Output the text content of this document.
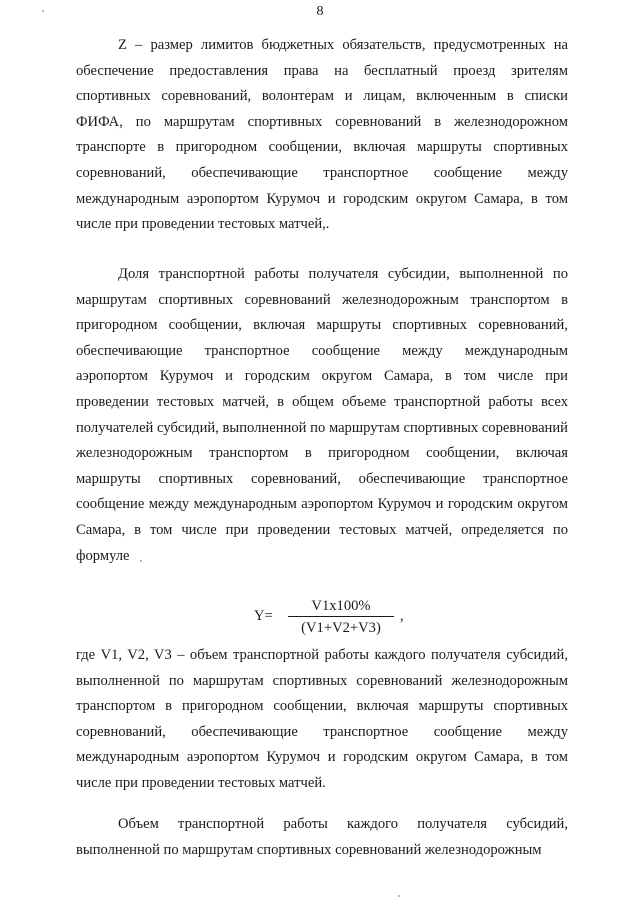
8

Z – размер лимитов бюджетных обязательств, предусмотренных на обеспечение предоставления права на бесплатный проезд зрителям спортивных соревнований, волонтерам и лицам, включенным в списки ФИФА, по маршрутам спортивных соревнований в железнодорожном транспорте в пригородном сообщении, включая маршруты спортивных соревнований, обеспечивающие транспортное сообщение между международным аэропортом Курумоч и городским округом Самара, в том числе при проведении тестовых матчей,.

Доля транспортной работы получателя субсидии, выполненной по маршрутам спортивных соревнований железнодорожным транспортом в пригородном сообщении, включая маршруты спортивных соревнований, обеспечивающие транспортное сообщение между международным аэропортом Курумоч и городским округом Самара, в том числе при проведении тестовых матчей, в общем объеме транспортной работы всех получателей субсидий, выполненной по маршрутам спортивных соревнований железнодорожным транспортом в пригородном сообщении, включая маршруты спортивных соревнований, обеспечивающие транспортное сообщение между международным аэропортом Курумоч и городским округом Самара, в том числе при проведении тестовых матчей, определяется по формуле

$Y= \frac{V1x100\%}{(V1+V2+V3)}$ ,

где V1, V2, V3 – объем транспортной работы каждого получателя субсидий, выполненной по маршрутам спортивных соревнований железнодорожным транспортом в пригородном сообщении, включая маршруты спортивных соревнований, обеспечивающие транспортное сообщение между международным аэропортом Курумоч и городским округом Самара, в том числе при проведении тестовых матчей.

Объем транспортной работы каждого получателя субсидий, выполненной по маршрутам спортивных соревнований железнодорожным
